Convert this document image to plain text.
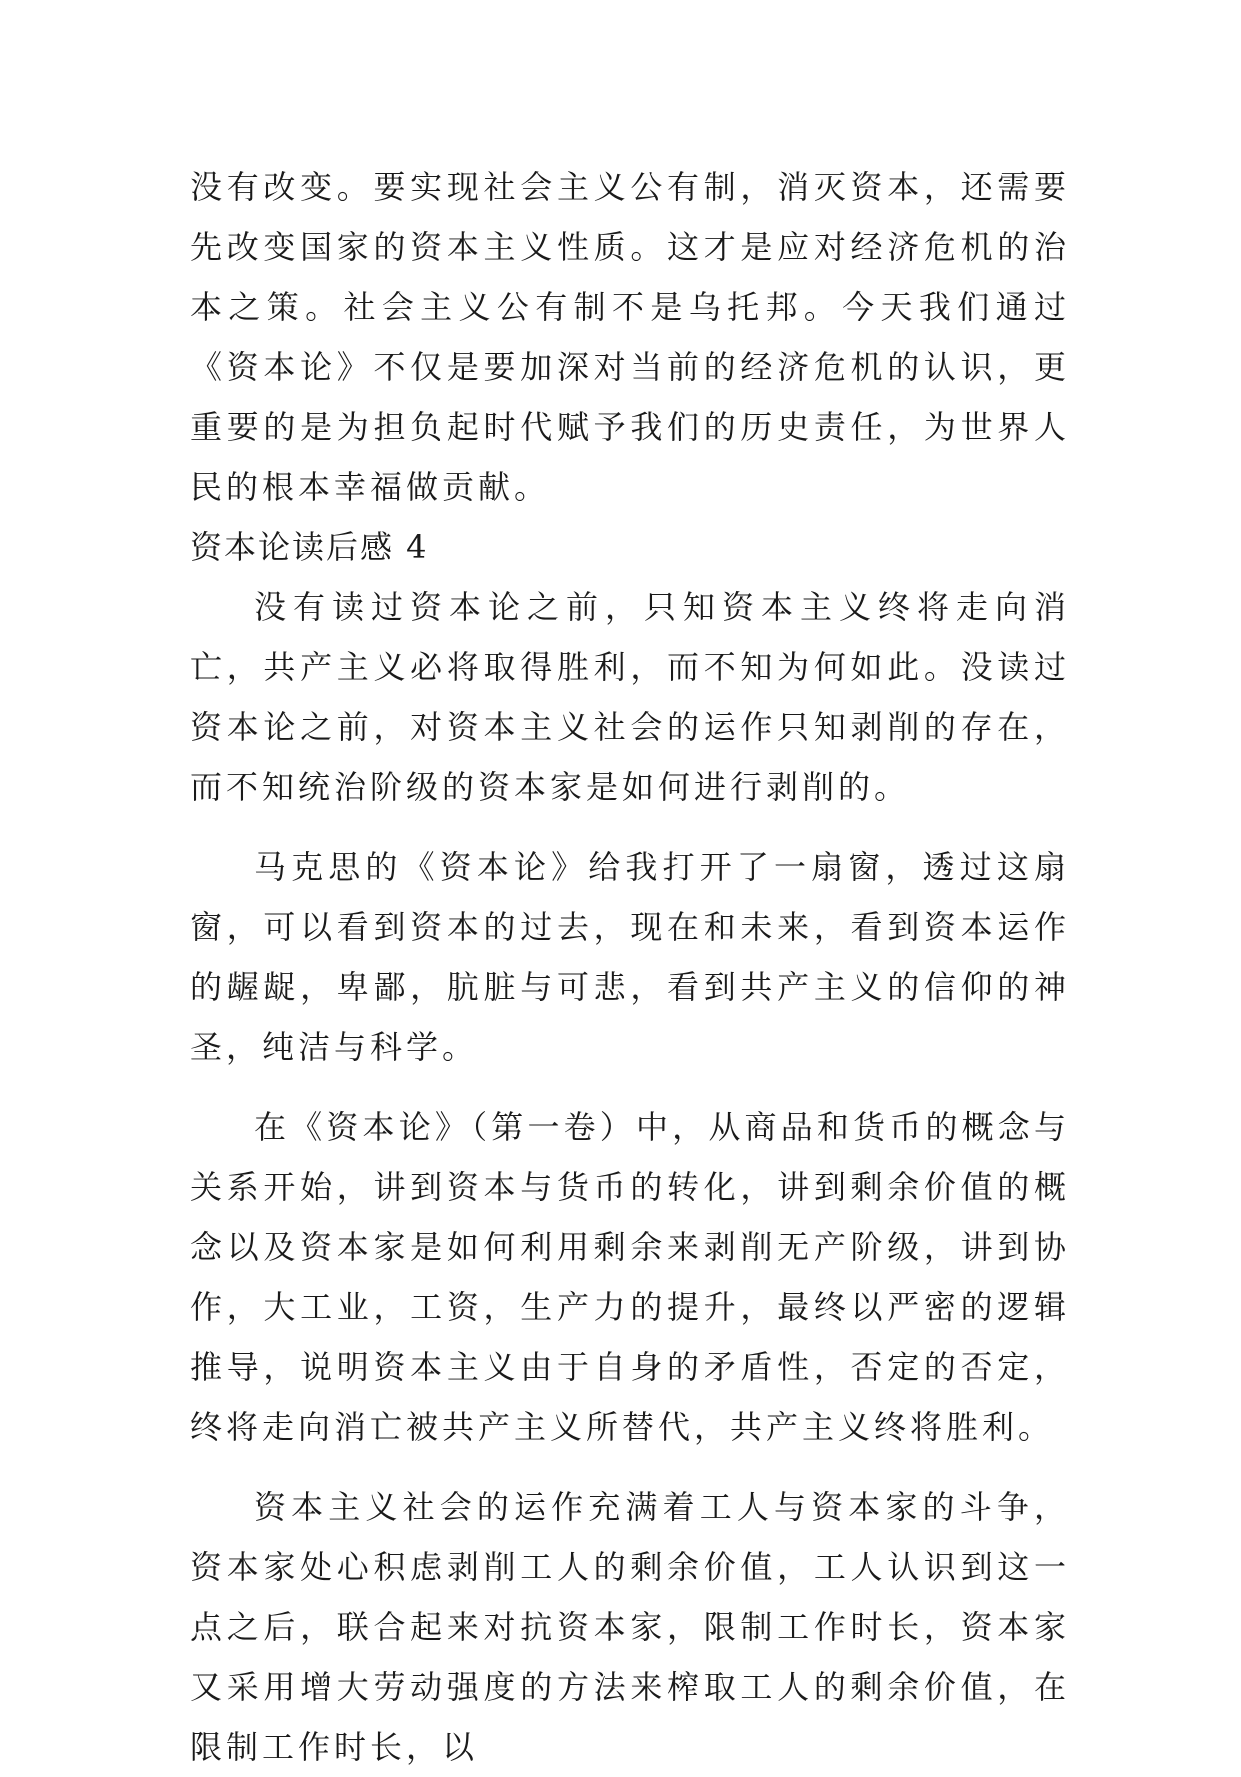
没有改变。要实现社会主义公有制，消灭资本，还需要先改变国家的资本主义性质。这才是应对经济危机的治本之策。社会主义公有制不是乌托邦。今天我们通过《资本论》不仅是要加深对当前的经济危机的认识，更重要的是为担负起时代赋予我们的历史责任，为世界人民的根本幸福做贡献。

资本论读后感 4

没有读过资本论之前，只知资本主义终将走向消亡，共产主义必将取得胜利，而不知为何如此。没读过资本论之前，对资本主义社会的运作只知剥削的存在，而不知统治阶级的资本家是如何进行剥削的。

马克思的《资本论》给我打开了一扇窗，透过这扇窗，可以看到资本的过去，现在和未来，看到资本运作的龌龊，卑鄙，肮脏与可悲，看到共产主义的信仰的神圣，纯洁与科学。

在《资本论》（第一卷）中，从商品和货币的概念与关系开始，讲到资本与货币的转化，讲到剩余价值的概念以及资本家是如何利用剩余来剥削无产阶级，讲到协作，大工业，工资，生产力的提升，最终以严密的逻辑推导，说明资本主义由于自身的矛盾性，否定的否定，终将走向消亡被共产主义所替代，共产主义终将胜利。

资本主义社会的运作充满着工人与资本家的斗争，资本家处心积虑剥削工人的剩余价值，工人认识到这一点之后，联合起来对抗资本家，限制工作时长，资本家又采用增大劳动强度的方法来榨取工人的剩余价值，在限制工作时长，以
